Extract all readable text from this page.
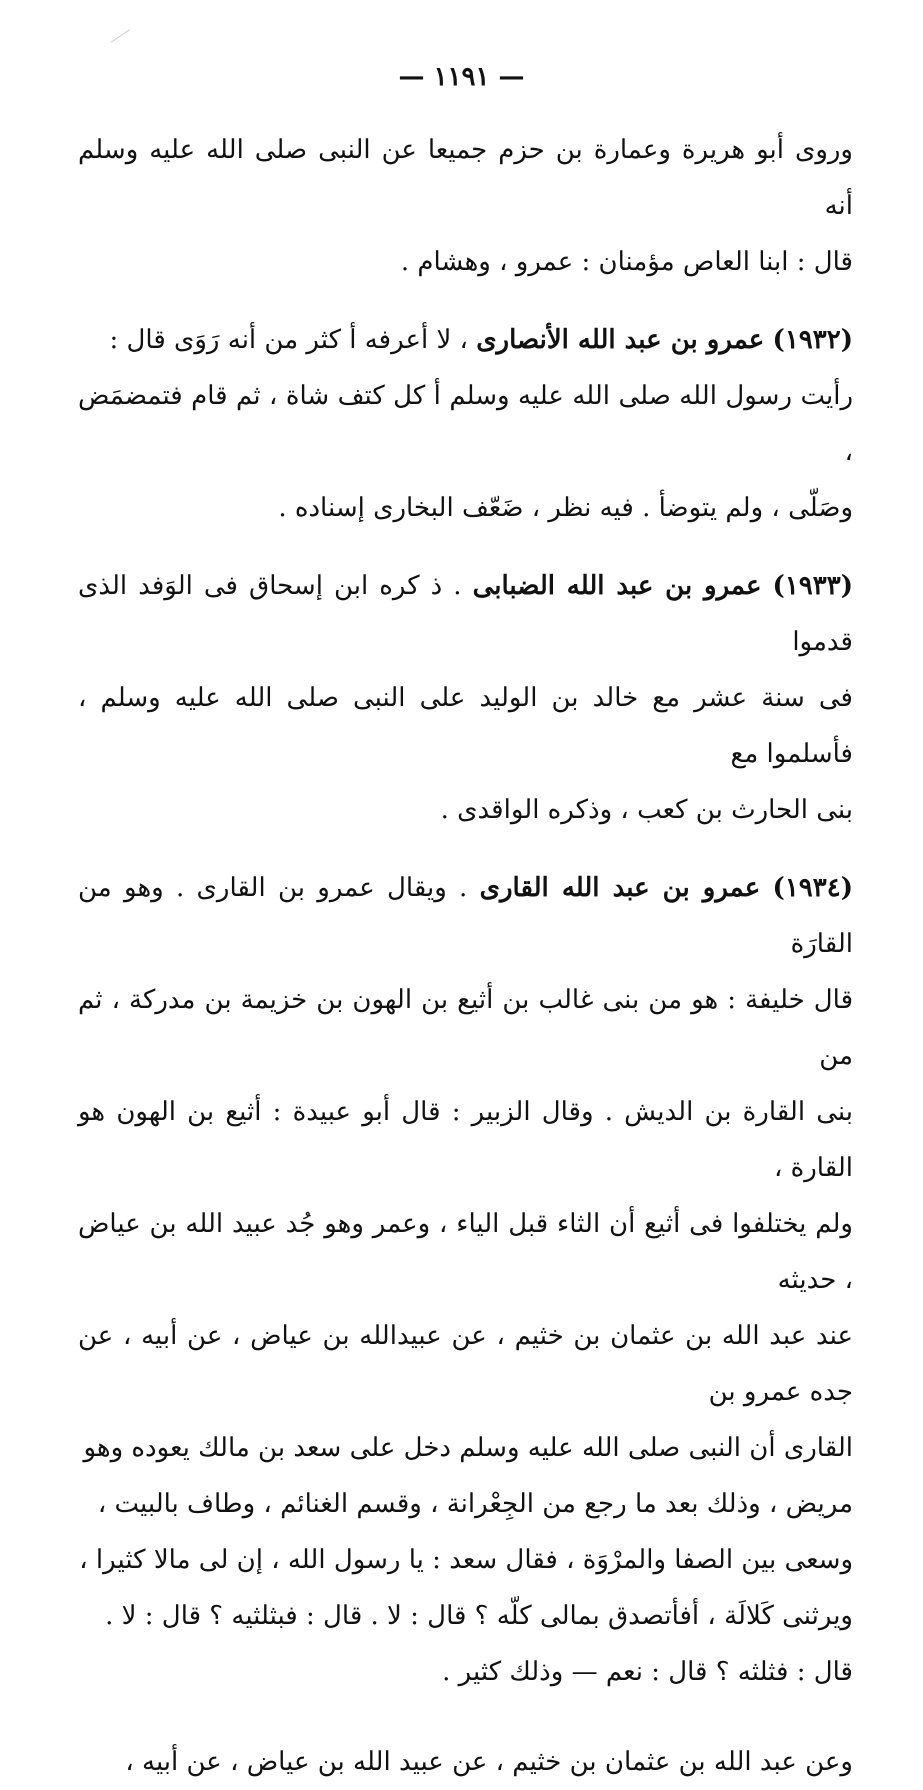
— ١١٩١ —

وروى أبو هريرة وعمارة بن حزم جميعا عن النبى صلى الله عليه وسلم أنه
قال : ابنا العاص مؤمنان : عمرو ، وهشام .

(١٩٣٢) عمرو بن عبد الله الأنصارى ، لا أعرفه أ كثر من أنه رَوَى قال :
رأيت رسول الله صلى الله عليه وسلم أ كل كتف شاة ، ثم قام فتمضمَض ،
وصَلّى ، ولم يتوضأ . فيه نظر ، ضَعّف البخارى إسناده .

(١٩٣٣) عمرو بن عبد الله الضبابى . ذ كره ابن إسحاق فى الوَفد الذى قدموا
فى سنة عشر مع خالد بن الوليد على النبى صلى الله عليه وسلم ، فأسلموا مع
بنى الحارث بن كعب ، وذكره الواقدى .

(١٩٣٤) عمرو بن عبد الله القارى . ويقال عمرو بن القارى . وهو من القارَة
قال خليفة : هو من بنى غالب بن أثيع بن الهون بن خزيمة بن مدركة ، ثم من
بنى القارة بن الديش . وقال الزبير : قال أبو عبيدة : أثيع بن الهون هو القارة ،
ولم يختلفوا فى أثيع أن الثاء قبل الياء ، وعمر وهو جُد عبيد الله بن عياض ، حديثه
عند عبد الله بن عثمان بن خثيم ، عن عبيدالله بن عياض ، عن أبيه ، عن جده عمرو بن
القارى أن النبى صلى الله عليه وسلم دخل على سعد بن مالك يعوده وهو
مريض ، وذلك بعد ما رجع من الجِعْرانة ، وقسم الغنائم ، وطاف بالبيت ،
وسعى بين الصفا والمرْوَة ، فقال سعد : يا رسول الله ، إن لى مالا كثيرا ،
ويرثنى كَلالَة ، أفأتصدق بمالى كلّه ؟ قال : لا . قال : فبثلثيه ؟ قال : لا .
قال : فثلثه ؟ قال : نعم — وذلك كثير .

وعن عبد الله بن عثمان بن خثيم ، عن عبيد الله بن عياض ، عن أبيه ،
